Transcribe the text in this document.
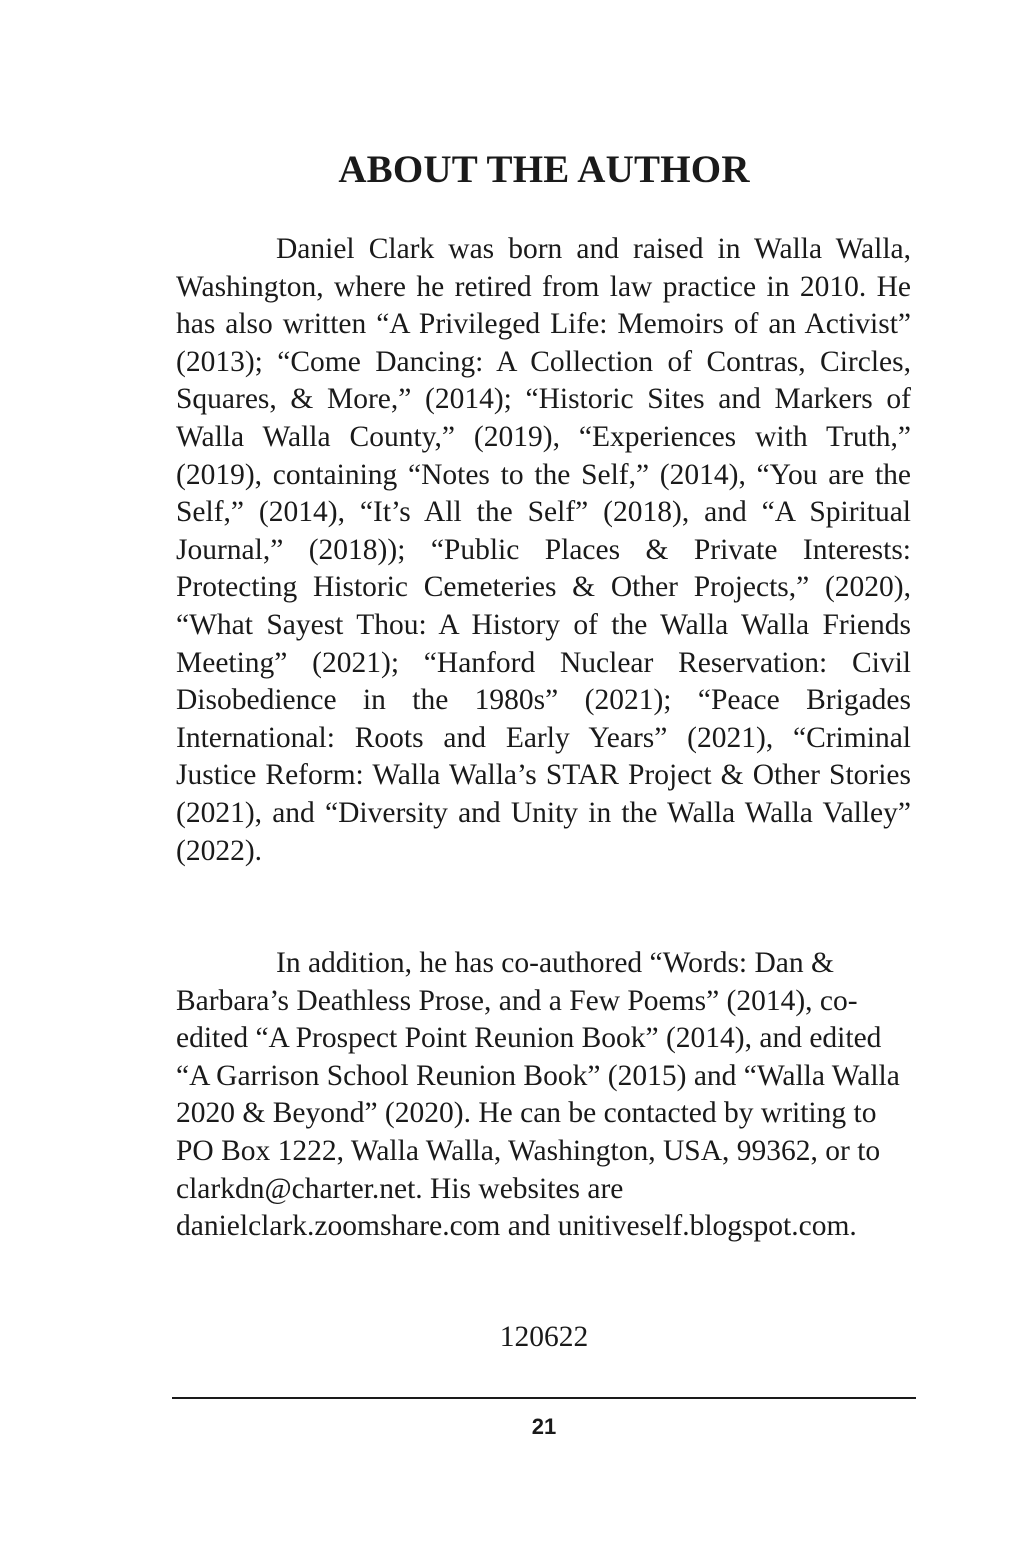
ABOUT THE AUTHOR

Daniel Clark was born and raised in Walla Walla, Washington, where he retired from law practice in 2010. He has also written “A Privileged Life: Memoirs of an Activist” (2013); “Come Dancing: A Collection of Contras, Circles, Squares, & More,” (2014); “Historic Sites and Markers of Walla Walla County,” (2019), “Experiences with Truth,” (2019), containing “Notes to the Self,” (2014), “You are the Self,” (2014), “It’s All the Self” (2018), and “A Spiritual Journal,” (2018)); “Public Places & Private Interests: Protecting Historic Cemeteries & Other Projects,” (2020), “What Sayest Thou: A History of the Walla Walla Friends Meeting” (2021); “Hanford Nuclear Reservation: Civil Disobedience in the 1980s” (2021); “Peace Brigades International: Roots and Early Years” (2021), “Criminal Justice Reform: Walla Walla’s STAR Project & Other Stories (2021), and “Diversity and Unity in the Walla Walla Valley” (2022).

In addition, he has co-authored “Words: Dan & Barbara’s Deathless Prose, and a Few Poems” (2014), co-edited “A Prospect Point Reunion Book” (2014), and edited “A Garrison School Reunion Book” (2015) and “Walla Walla 2020 & Beyond” (2020). He can be contacted by writing to PO Box 1222, Walla Walla, Washington, USA, 99362, or to clarkdn@charter.net. His websites are danielclark.zoomshare.com and unitiveself.blogspot.com.

120622

21
